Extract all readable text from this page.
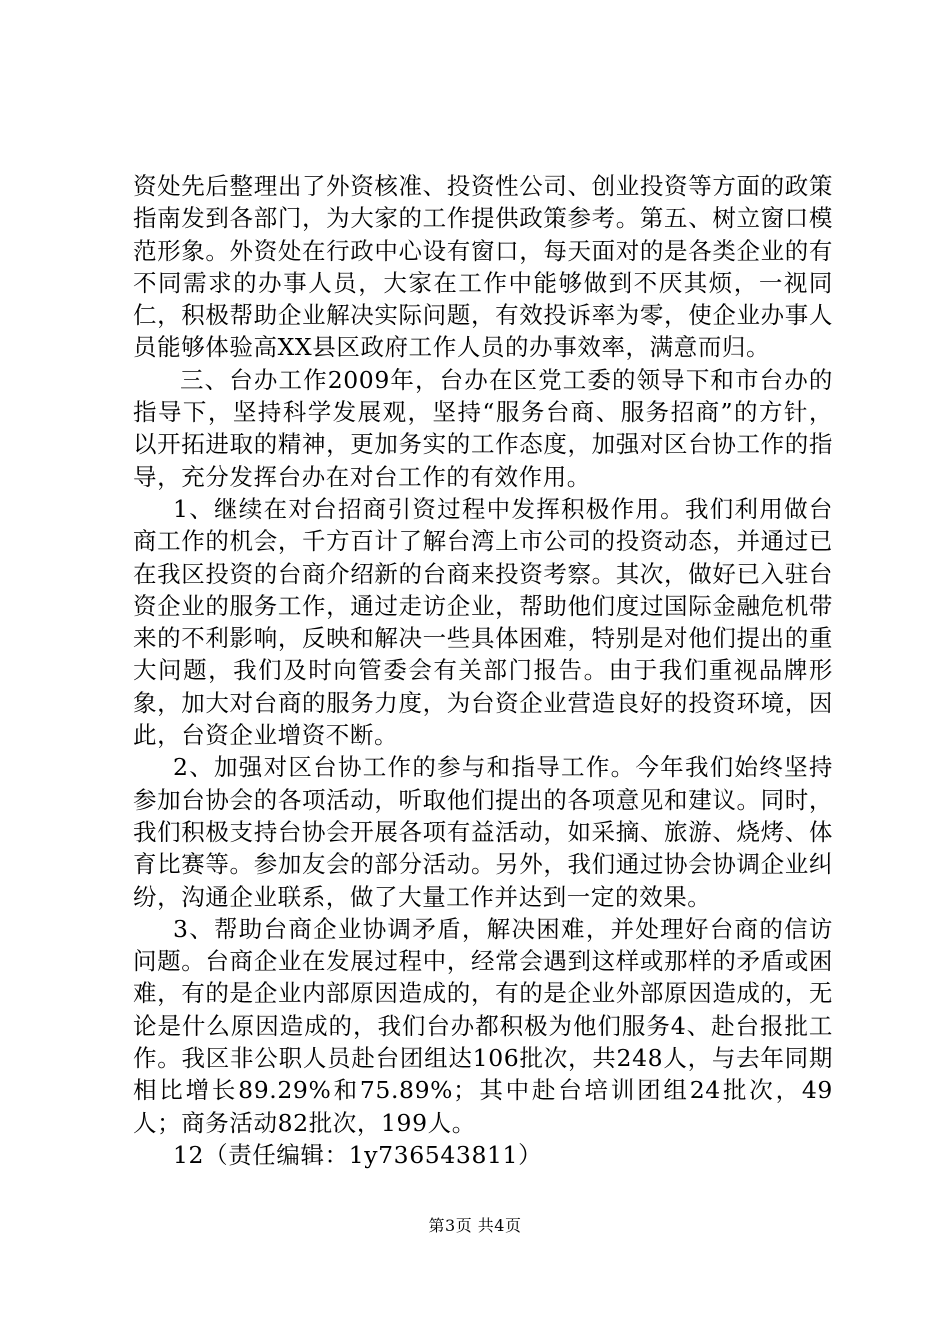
资处先后整理出了外资核准、投资性公司、创业投资等方面的政策指南发到各部门，为大家的工作提供政策参考。第五、树立窗口模范形象。外资处在行政中心设有窗口，每天面对的是各类企业的有不同需求的办事人员，大家在工作中能够做到不厌其烦，一视同仁，积极帮助企业解决实际问题，有效投诉率为零，使企业办事人员能够体验高XX县区政府工作人员的办事效率，满意而归。

三、台办工作2009年，台办在区党工委的领导下和市台办的指导下，坚持科学发展观，坚持“服务台商、服务招商”的方针，以开拓进取的精神，更加务实的工作态度，加强对区台协工作的指导，充分发挥台办在对台工作的有效作用。

1、继续在对台招商引资过程中发挥积极作用。我们利用做台商工作的机会，千方百计了解台湾上市公司的投资动态，并通过已在我区投资的台商介绍新的台商来投资考察。其次，做好已入驻台资企业的服务工作，通过走访企业，帮助他们度过国际金融危机带来的不利影响，反映和解决一些具体困难，特别是对他们提出的重大问题，我们及时向管委会有关部门报告。由于我们重视品牌形象，加大对台商的服务力度，为台资企业营造良好的投资环境，因此，台资企业增资不断。

2、加强对区台协工作的参与和指导工作。今年我们始终坚持参加台协会的各项活动，听取他们提出的各项意见和建议。同时，我们积极支持台协会开展各项有益活动，如采摘、旅游、烧烤、体育比赛等。参加友会的部分活动。另外，我们通过协会协调企业纠纷，沟通企业联系，做了大量工作并达到一定的效果。

3、帮助台商企业协调矛盾，解决困难，并处理好台商的信访问题。台商企业在发展过程中，经常会遇到这样或那样的矛盾或困难，有的是企业内部原因造成的，有的是企业外部原因造成的，无论是什么原因造成的，我们台办都积极为他们服务4、赴台报批工作。我区非公职人员赴台团组达106批次，共248人，与去年同期相比增长89.29%和75.89%；其中赴台培训团组24批次，49人；商务活动82批次，199人。

12（责任编辑：1y736543811）

第3页 共4页
